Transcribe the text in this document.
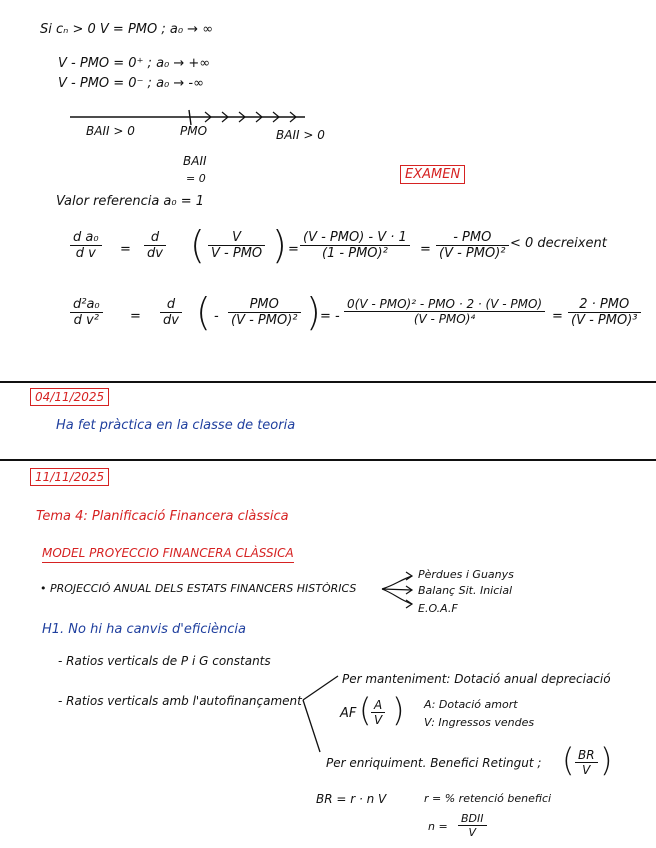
Si cₙ > 0 V = PMO ; a₀ → ∞
V - PMO = 0⁺ ; a₀ → +∞
V - PMO = 0⁻ ; a₀ → -∞
BAII > 0	PMO	BAII > 0
BAII
= 0	EXAMEN
Valor referencia a₀ = 1
$\frac{\text{d a₀}}{\text{d v}} = \frac{d}{dv}$ (	V
V - PMO ) =
(V - PMO) - V · 1
(1 - PMO)²	=
- PMO
(V - PMO)²
< 0 decreixent
$\frac{\text{d²a₀}}{\text{d v²}} = \frac{d}{dv}$ ( -
PMO
(V - PMO)² ) = -
0(V - PMO)² - PMO · 2 · (V - PMO)
(V - PMO)⁴	=
2 · PMO
(V - PMO)³
04/11/2025
Ha fet pràctica en la classe de teoria
11/11/2025
Tema 4: Planificació Financera clàssica
MODEL PROYECCIO FINANCERA CLÀSSICA
• PROJECCIÓ ANUAL DELS ESTATS FINANCERS HISTÒRICS
Pèrdues i Guanys
Balanç Sit. Inicial
E.O.A.F
H1. No hi ha canvis d'eficiència
- Ratios verticals de P i G constants
- Ratios verticals amb l'autofinançament
Per manteniment: Dotació anual depreciació
AF ( $\frac{A}{V}$ ) A: Dotació amort
V: Ingressos vendes
Per enriquiment. Benefici Retingut ; ( $\frac{BR}{V}$ )
BR = r · n V	r = % retenció benefici
n =
BDII
V
